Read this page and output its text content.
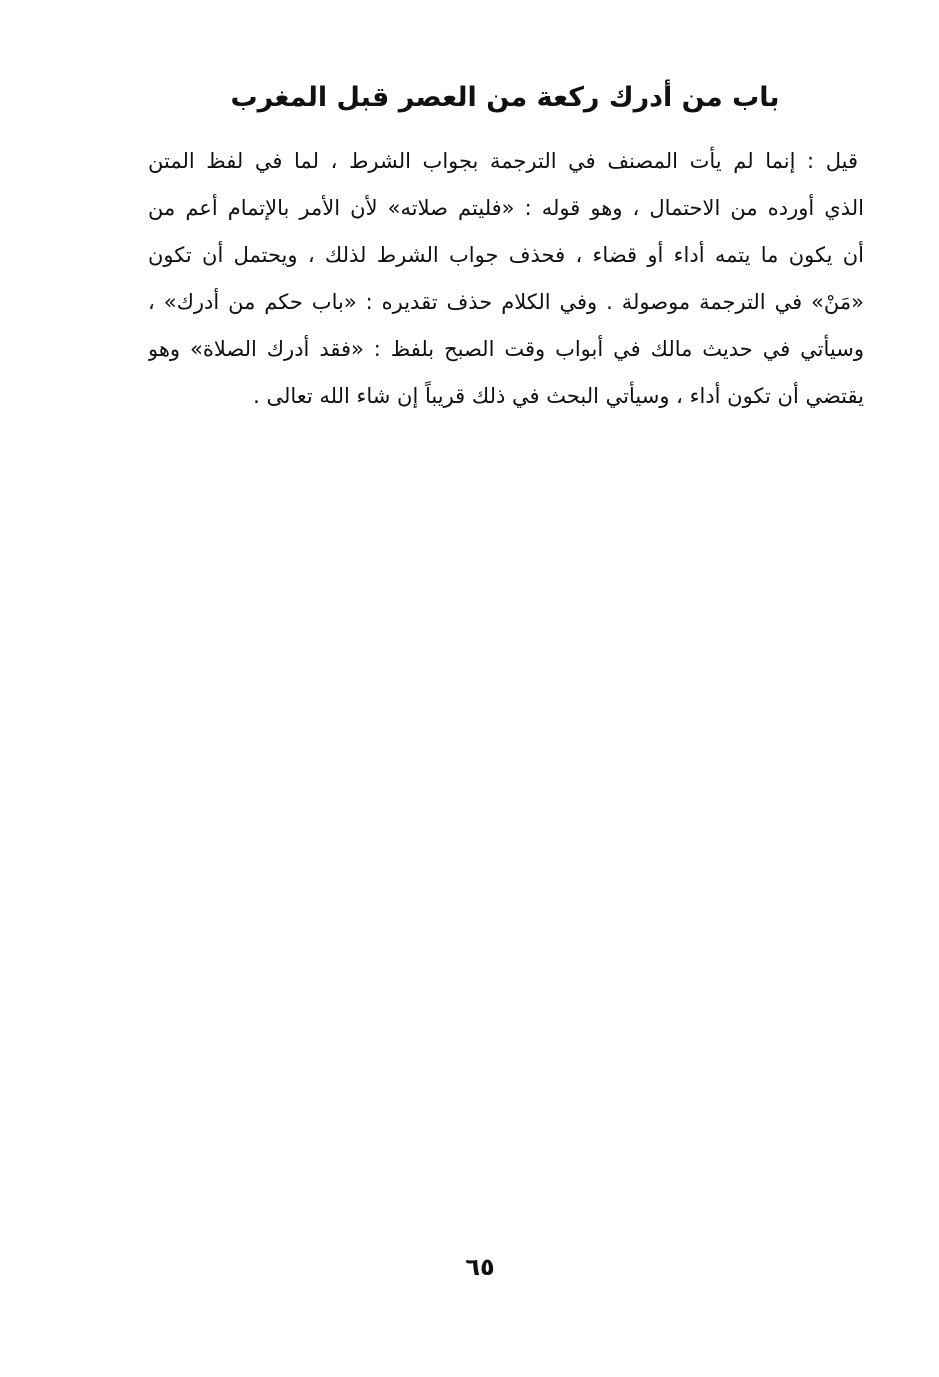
باب من أدرك ركعة من العصر قبل المغرب
قيل : إنما لم يأت المصنف في الترجمة بجواب الشرط ، لما في لفظ المتن
الذي أورده من الاحتمال ، وهو قوله : «فليتم صلاته» لأن الأمر بالإتمام أعم من
أن يكون ما يتمه أداء أو قضاء ، فحذف جواب الشرط لذلك ، ويحتمل أن تكون
«مَنْ» في الترجمة موصولة . وفي الكلام حذف تقديره : «باب حكم من أدرك» ،
وسيأتي في حديث مالك في أبواب وقت الصبح بلفظ : «فقد أدرك الصلاة» وهو
يقتضي أن تكون أداء ، وسيأتي البحث في ذلك قريباً إن شاء الله تعالى .
٦٥
